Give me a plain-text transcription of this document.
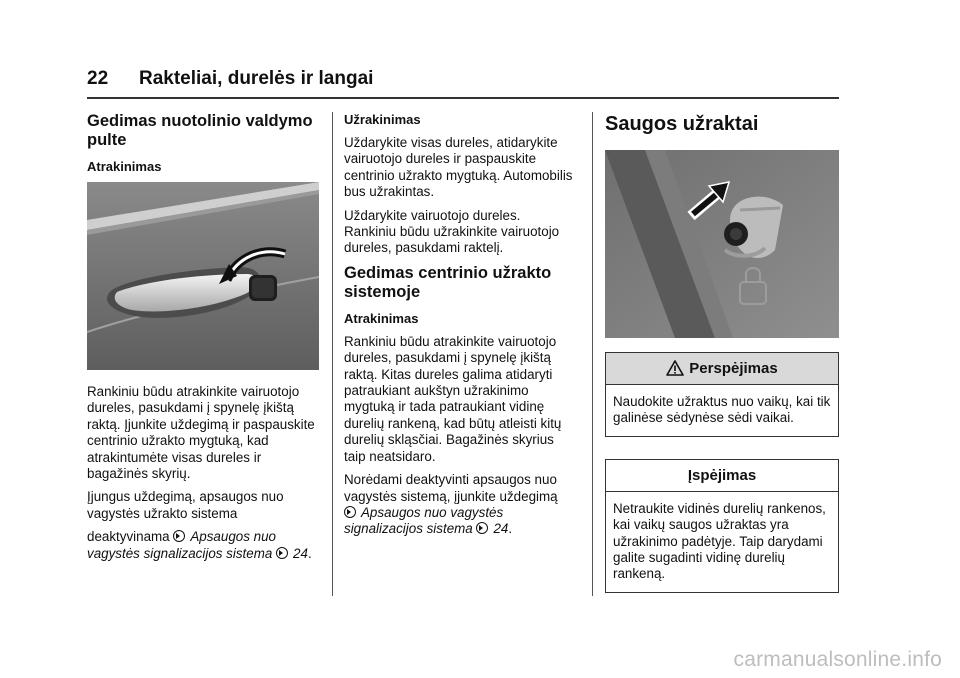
22 Rakteliai, durelės ir langai
Gedimas nuotolinio valdymo pulte
Atrakinimas

Rankiniu būdu atrakinkite vairuotojo dureles, pasukdami į spynelę įkištą raktą. Įjunkite uždegimą ir paspauskite centrinio užrakto mygtuką, kad atrakintumėte visas dureles ir bagažinės skyrių.

Įjungus uždegimą, apsaugos nuo vagystės užrakto sistema

deaktyvinama Apsaugos nuo vagystės signalizacijos sistema 24.

Užrakinimas

Uždarykite visas dureles, atidarykite vairuotojo dureles ir paspauskite centrinio užrakto mygtuką. Automobilis bus užrakintas.

Uždarykite vairuotojo dureles. Rankiniu būdu užrakinkite vairuotojo dureles, pasukdami raktelį.

Gedimas centrinio užrakto sistemoje
Atrakinimas

Rankiniu būdu atrakinkite vairuotojo dureles, pasukdami į spynelę įkištą raktą. Kitas dureles galima atidaryti patraukiant aukštyn užrakinimo mygtuką ir tada patraukiant vidinę durelių rankeną, kad būtų atleisti kitų durelių skląsčiai. Bagažinės skyrius taip neatsidaro.

Norėdami deaktyvinti apsaugos nuo vagystės sistemą, įjunkite uždegimą
Apsaugos nuo vagystės signalizacijos sistema 24.

Saugos užraktai
Perspėjimas

Naudokite užraktus nuo vaikų, kai tik galinėse sėdynėse sėdi vaikai.

Įspėjimas

Netraukite vidinės durelių rankenos, kai vaikų saugos užraktas yra užrakinimo padėtyje. Taip darydami galite sugadinti vidinę durelių rankeną.

carmanualsonline.info
